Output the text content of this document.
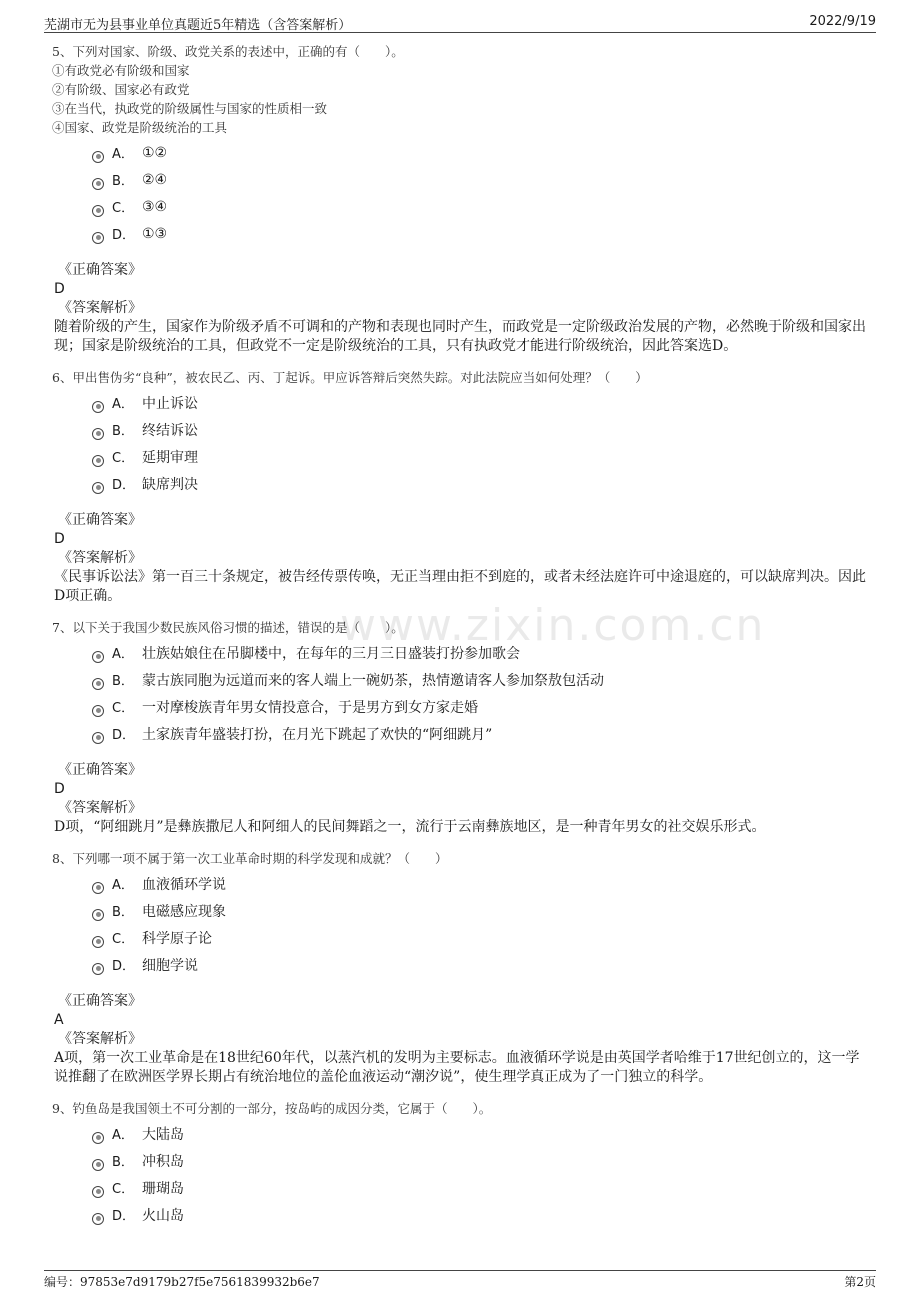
芜湖市无为县事业单位真题近5年精选（含答案解析）	2022/9/19
www.zixin.com.cn
5、下列对国家、阶级、政党关系的表述中，正确的有（　　）。
①有政党必有阶级和国家
②有阶级、国家必有政党
③在当代，执政党的阶级属性与国家的性质相一致
④国家、政党是阶级统治的工具
A． ①②
B． ②④
C． ③④
D． ①③
《正确答案》
D
《答案解析》
随着阶级的产生，国家作为阶级矛盾不可调和的产物和表现也同时产生，而政党是一定阶级政治发展的产物，必然晚于阶级和国家出现；国家是阶级统治的工具，但政党不一定是阶级统治的工具，只有执政党才能进行阶级统治，因此答案选D。
6、甲出售伪劣“良种”，被农民乙、丙、丁起诉。甲应诉答辩后突然失踪。对此法院应当如何处理？（　　）
A． 中止诉讼
B． 终结诉讼
C． 延期审理
D． 缺席判决
《正确答案》
D
《答案解析》
《民事诉讼法》第一百三十条规定，被告经传票传唤，无正当理由拒不到庭的，或者未经法庭许可中途退庭的，可以缺席判决。因此D项正确。
7、以下关于我国少数民族风俗习惯的描述，错误的是（　　）。
A． 壮族姑娘住在吊脚楼中，在每年的三月三日盛装打扮参加歌会
B． 蒙古族同胞为远道而来的客人端上一碗奶茶，热情邀请客人参加祭敖包活动
C． 一对摩梭族青年男女情投意合，于是男方到女方家走婚
D． 土家族青年盛装打扮，在月光下跳起了欢快的“阿细跳月”
《正确答案》
D
《答案解析》
D项，“阿细跳月”是彝族撒尼人和阿细人的民间舞蹈之一，流行于云南彝族地区，是一种青年男女的社交娱乐形式。
8、下列哪一项不属于第一次工业革命时期的科学发现和成就？（　　）
A． 血液循环学说
B． 电磁感应现象
C． 科学原子论
D． 细胞学说
《正确答案》
A
《答案解析》
A项，第一次工业革命是在18世纪60年代，以蒸汽机的发明为主要标志。血液循环学说是由英国学者哈维于17世纪创立的，这一学说推翻了在欧洲医学界长期占有统治地位的盖伦血液运动“潮汐说”，使生理学真正成为了一门独立的科学。
9、钓鱼岛是我国领土不可分割的一部分，按岛屿的成因分类，它属于（　　）。
A． 大陆岛
B． 冲积岛
C． 珊瑚岛
D． 火山岛
编号：97853e7d9179b27f5e7561839932b6e7	第2页
